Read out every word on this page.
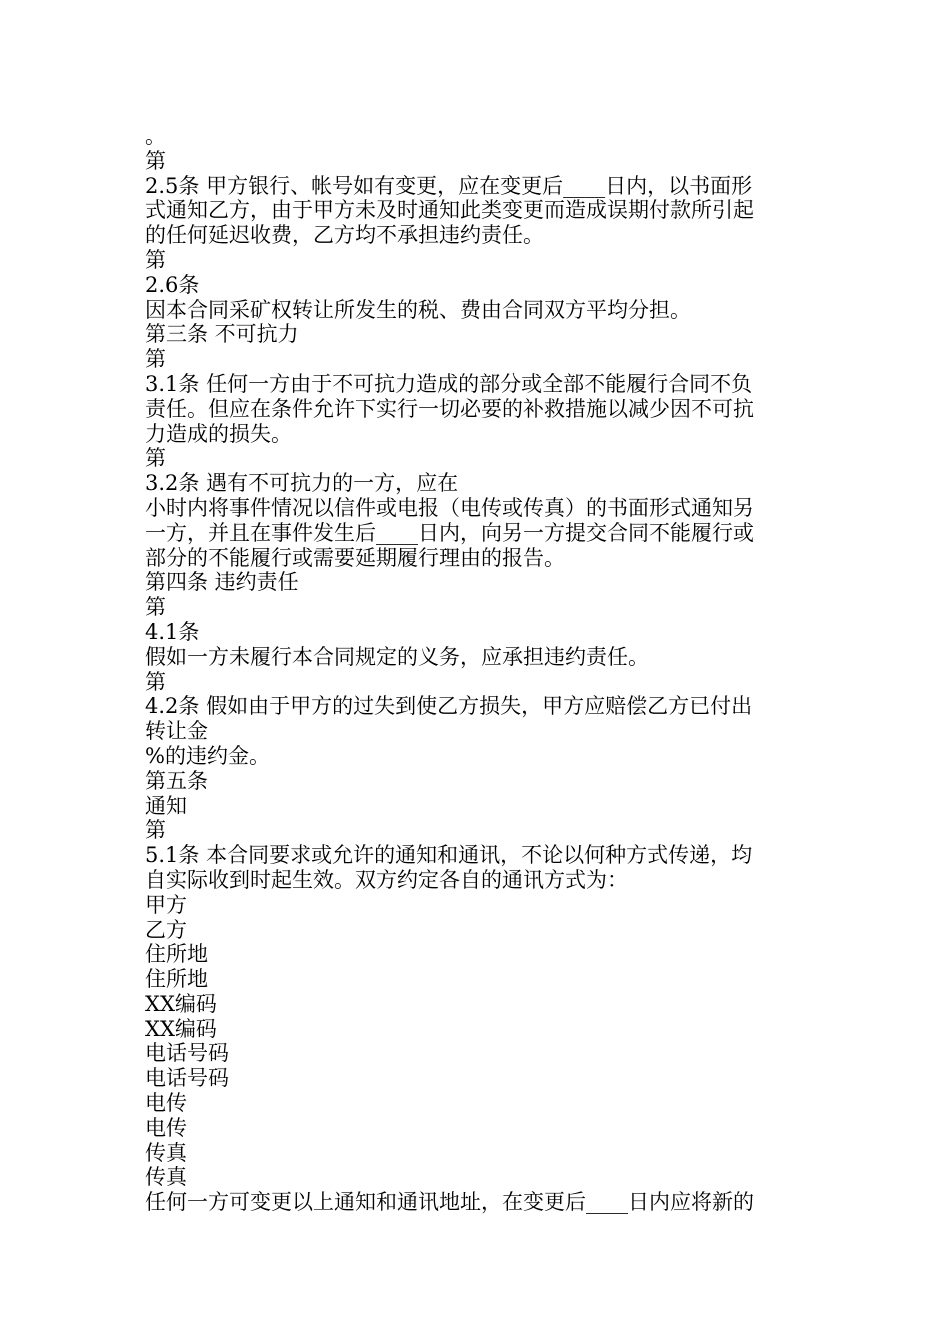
。
第
2.5条 甲方银行、帐号如有变更，应在变更后____日内，以书面形
式通知乙方，由于甲方未及时通知此类变更而造成误期付款所引起
的任何延迟收费，乙方均不承担违约责任。
第
2.6条
因本合同采矿权转让所发生的税、费由合同双方平均分担。
第三条 不可抗力
第
3.1条 任何一方由于不可抗力造成的部分或全部不能履行合同不负
责任。但应在条件允许下实行一切必要的补救措施以减少因不可抗
力造成的损失。
第
3.2条 遇有不可抗力的一方，应在
小时内将事件情况以信件或电报（电传或传真）的书面形式通知另
一方，并且在事件发生后____日内，向另一方提交合同不能履行或
部分的不能履行或需要延期履行理由的报告。
第四条 违约责任
第
4.1条
假如一方未履行本合同规定的义务，应承担违约责任。
第
4.2条 假如由于甲方的过失到使乙方损失，甲方应赔偿乙方已付出
转让金
%的违约金。
第五条
通知
第
5.1条 本合同要求或允许的通知和通讯，不论以何种方式传递，均
自实际收到时起生效。双方约定各自的通讯方式为：
甲方
乙方
住所地
住所地
XX编码
XX编码
电话号码
电话号码
电传
电传
传真
传真
任何一方可变更以上通知和通讯地址，在变更后____日内应将新的
